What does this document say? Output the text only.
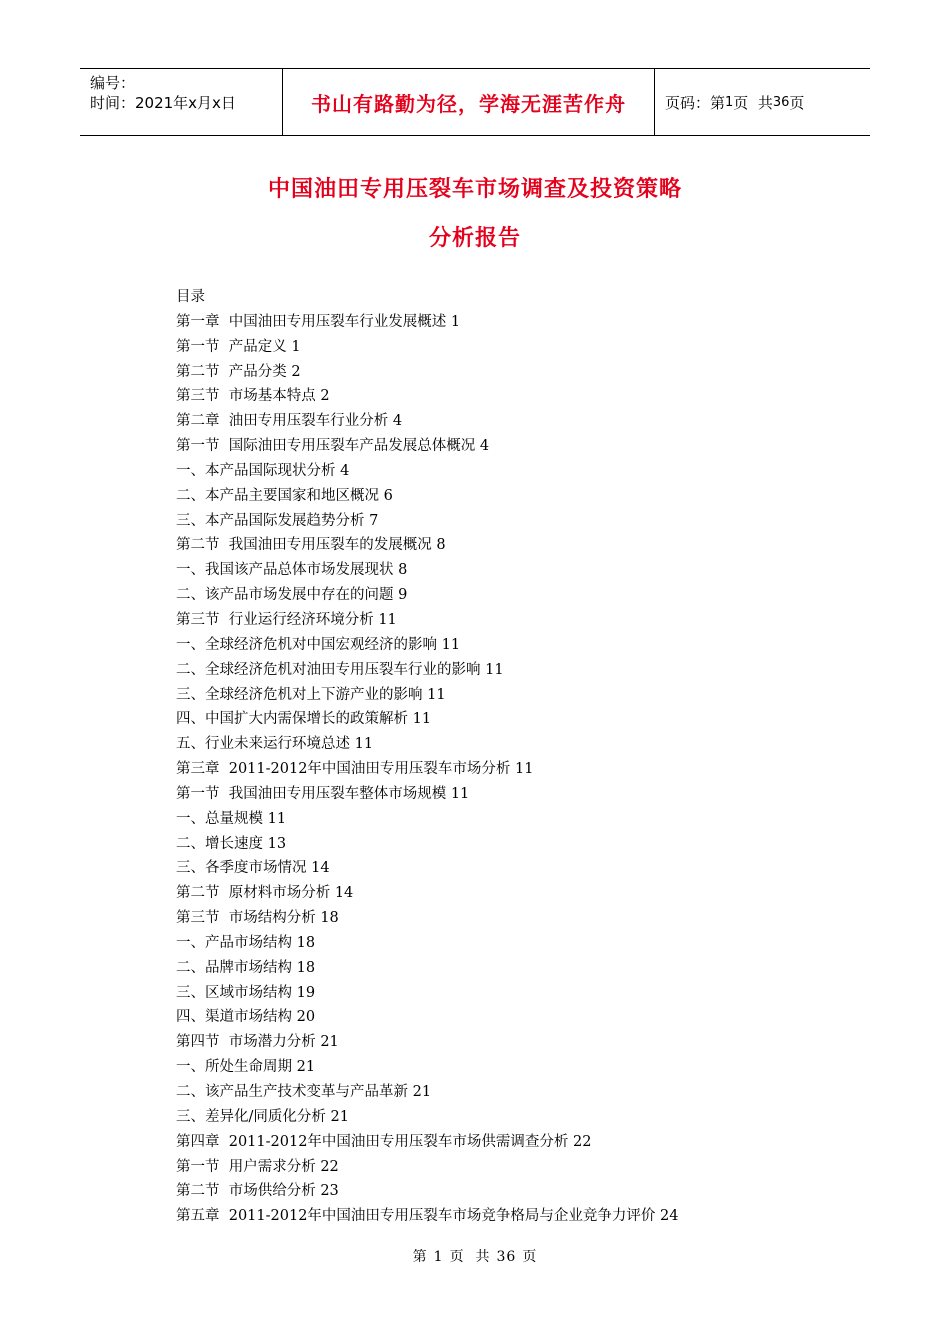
编号：
时间：2021年x月x日	书山有路勤为径，学海无涯苦作舟	页码：第 1 页  共 36 页
中国油田专用压裂车市场调查及投资策略
分析报告
目录
第一章  中国油田专用压裂车行业发展概述 1
第一节  产品定义 1
第二节  产品分类 2
第三节  市场基本特点 2
第二章  油田专用压裂车行业分析 4
第一节  国际油田专用压裂车产品发展总体概况 4
一、本产品国际现状分析 4
二、本产品主要国家和地区概况 6
三、本产品国际发展趋势分析 7
第二节  我国油田专用压裂车的发展概况 8
一、我国该产品总体市场发展现状 8
二、该产品市场发展中存在的问题 9
第三节  行业运行经济环境分析 11
一、全球经济危机对中国宏观经济的影响 11
二、全球经济危机对油田专用压裂车行业的影响 11
三、全球经济危机对上下游产业的影响 11
四、中国扩大内需保增长的政策解析 11
五、行业未来运行环境总述 11
第三章  2011-2012年中国油田专用压裂车市场分析 11
第一节  我国油田专用压裂车整体市场规模 11
一、总量规模 11
二、增长速度 13
三、各季度市场情况 14
第二节  原材料市场分析 14
第三节  市场结构分析 18
一、产品市场结构 18
二、品牌市场结构 18
三、区域市场结构 19
四、渠道市场结构 20
第四节  市场潜力分析 21
一、所处生命周期 21
二、该产品生产技术变革与产品革新 21
三、差异化/同质化分析 21
第四章  2011-2012年中国油田专用压裂车市场供需调查分析 22
第一节  用户需求分析 22
第二节  市场供给分析 23
第五章  2011-2012年中国油田专用压裂车市场竞争格局与企业竞争力评价 24
第 1 页  共 36 页
